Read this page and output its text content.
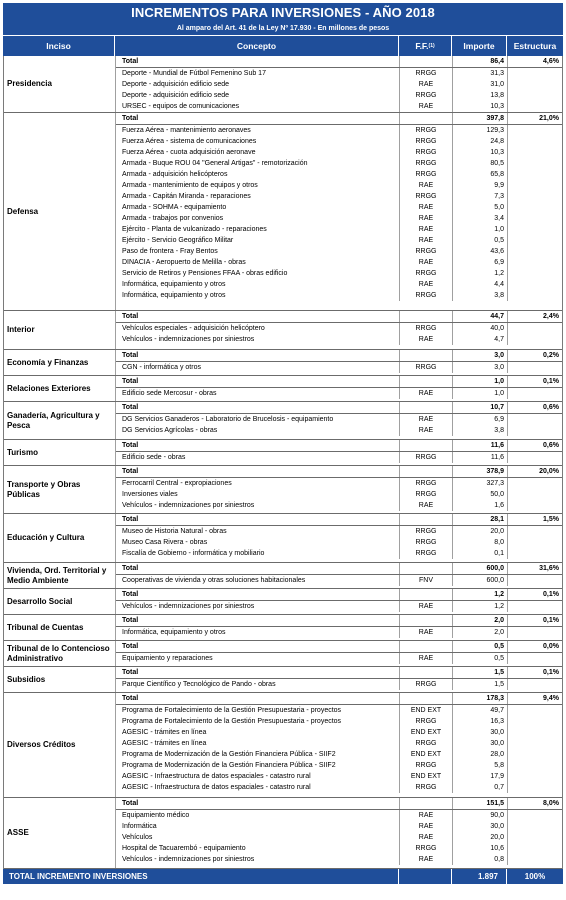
INCREMENTOS PARA INVERSIONES - AÑO 2018
Al amparo del Art. 41 de la Ley Nº 17.930 - En millones de pesos
Inciso	Concepto	F.F. (1)	Importe	Estructura
Presidencia
Total	86,4	4,6%
Deporte - Mundial de Fútbol Femenino Sub 17	RRGG	31,3
Deporte - adquisición edificio sede	RAE	31,0
Deporte - adquisición edificio sede	RRGG	13,8
URSEC - equipos de comunicaciones	RAE	10,3
Defensa
Total	397,8	21,0%
Fuerza Aérea - mantenimiento aeronaves	RRGG	129,3
Fuerza Aérea - sistema de comunicaciones	RRGG	24,8
Fuerza Aérea - cuota adquisición aeronave	RRGG	10,3
Armada - Buque ROU 04 "General Artigas" - remotorización	RRGG	80,5
Armada - adquisición helicópteros	RRGG	65,8
Armada - mantenimiento de equipos y otros	RAE	9,9
Armada - Capitán Miranda - reparaciones	RRGG	7,3
Armada - SOHMA - equipamiento	RAE	5,0
Armada - trabajos por convenios	RAE	3,4
Ejército - Planta de vulcanizado - reparaciones	RAE	1,0
Ejército - Servicio Geográfico Militar	RAE	0,5
Paso de frontera - Fray Bentos	RRGG	43,6
DINACIA - Aeropuerto de Melilla - obras	RAE	6,9
Servicio de Retiros y Pensiones FFAA - obras edificio	RRGG	1,2
Informática, equipamiento y otros	RAE	4,4
Informática, equipamiento y otros	RRGG	3,8
Interior
Total	44,7	2,4%
Vehículos especiales - adquisición helicóptero	RRGG	40,0
Vehículos - indemnizaciones por siniestros	RAE	4,7
Economía y Finanzas
Total	3,0	0,2%
CGN - informática y otros	RRGG	3,0
Relaciones Exteriores
Total	1,0	0,1%
Edificio sede Mercosur - obras	RAE	1,0
Ganadería, Agricultura y Pesca
Total	10,7	0,6%
DG Servicios Ganaderos - Laboratorio de Brucelosis - equipamiento	RAE	6,9
DG Servicios Agrícolas - obras	RAE	3,8
Turismo
Total	11,6	0,6%
Edificio sede - obras	RRGG	11,6
Transporte y Obras Públicas
Total	378,9	20,0%
Ferrocarril Central - expropiaciones	RRGG	327,3
Inversiones viales	RRGG	50,0
Vehículos - indemnizaciones por siniestros	RAE	1,6
Educación y Cultura
Total	28,1	1,5%
Museo de Historia Natural - obras	RRGG	20,0
Museo Casa Rivera - obras	RRGG	8,0
Fiscalía de Gobierno - informática y mobiliario	RRGG	0,1
Vivienda, Ord. Territorial y Medio Ambiente
Total	600,0	31,6%
Cooperativas de vivienda y otras soluciones habitacionales	FNV	600,0
Desarrollo Social
Total	1,2	0,1%
Vehículos - indemnizaciones por siniestros	RAE	1,2
Tribunal de Cuentas
Total	2,0	0,1%
Informática, equipamiento y otros	RAE	2,0
Tribunal de lo Contencioso Administrativo
Total	0,5	0,0%
Equipamiento y reparaciones	RAE	0,5
Subsidios
Total	1,5	0,1%
Parque Científico y Tecnológico de Pando - obras	RRGG	1,5
Diversos Créditos
Total	178,3	9,4%
Programa de Fortalecimiento de la Gestión Presupuestaria - proyectos	END EXT	49,7
Programa de Fortalecimiento de la Gestión Presupuestaria - proyectos	RRGG	16,3
AGESIC - trámites en línea	END EXT	30,0
AGESIC - trámites en línea	RRGG	30,0
Programa de Modernización de la Gestión Financiera Pública - SIIF2	END EXT	28,0
Programa de Modernización de la Gestión Financiera Pública - SIIF2	RRGG	5,8
AGESIC - Infraestructura de datos espaciales - catastro rural	END EXT	17,9
AGESIC - Infraestructura de datos espaciales - catastro rural	RRGG	0,7
ASSE
Total	151,5	8,0%
Equipamiento médico	RAE	90,0
Informática	RAE	30,0
Vehículos	RAE	20,0
Hospital de Tacuarembó - equipamiento	RRGG	10,6
Vehículos - indemnizaciones por siniestros	RAE	0,8
TOTAL INCREMENTO INVERSIONES	1.897	100%
